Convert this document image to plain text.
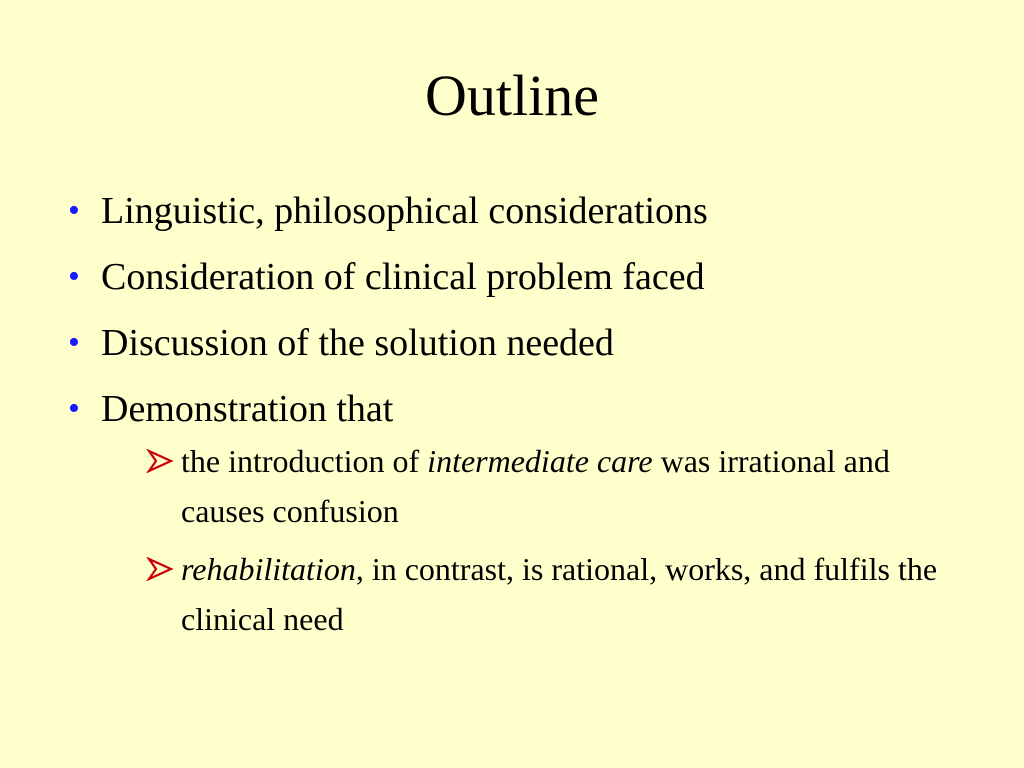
Outline
• Linguistic, philosophical considerations
• Consideration of clinical problem faced
• Discussion of the solution needed
• Demonstration that
the introduction of intermediate care was irrational and causes confusion
rehabilitation, in contrast, is rational, works, and fulfils the clinical need
